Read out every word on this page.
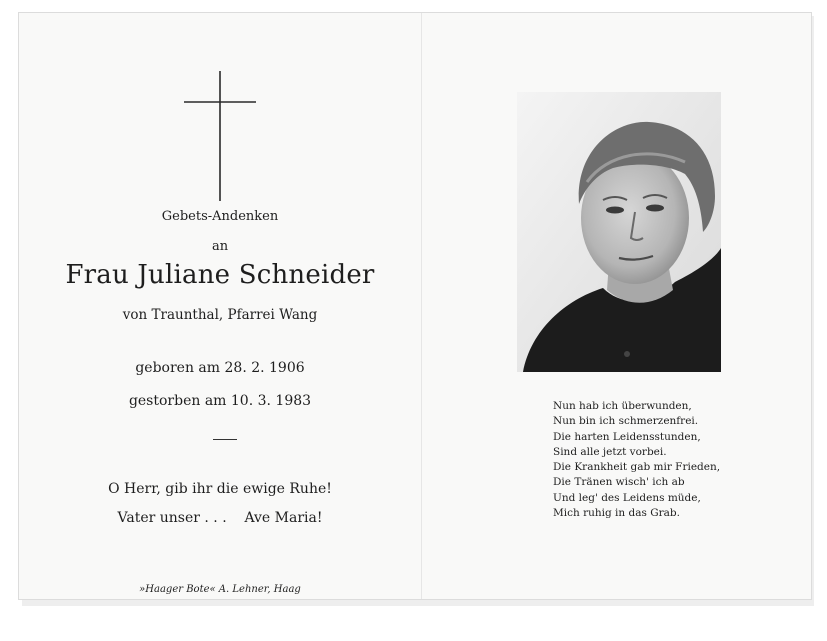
Gebets-Andenken
an
Frau Juliane Schneider
von Traunthal, Pfarrei Wang
geboren am 28. 2. 1906
gestorben am 10. 3. 1983
O Herr, gib ihr die ewige Ruhe!
Vater unser . . .    Ave Maria!
»Haager Bote« A. Lehner, Haag
Nun hab ich überwunden,
Nun bin ich schmerzenfrei.
Die harten Leidensstunden,
Sind alle jetzt vorbei.
Die Krankheit gab mir Frieden,
Die Tränen wisch' ich ab
Und leg' des Leidens müde,
Mich ruhig in das Grab.
